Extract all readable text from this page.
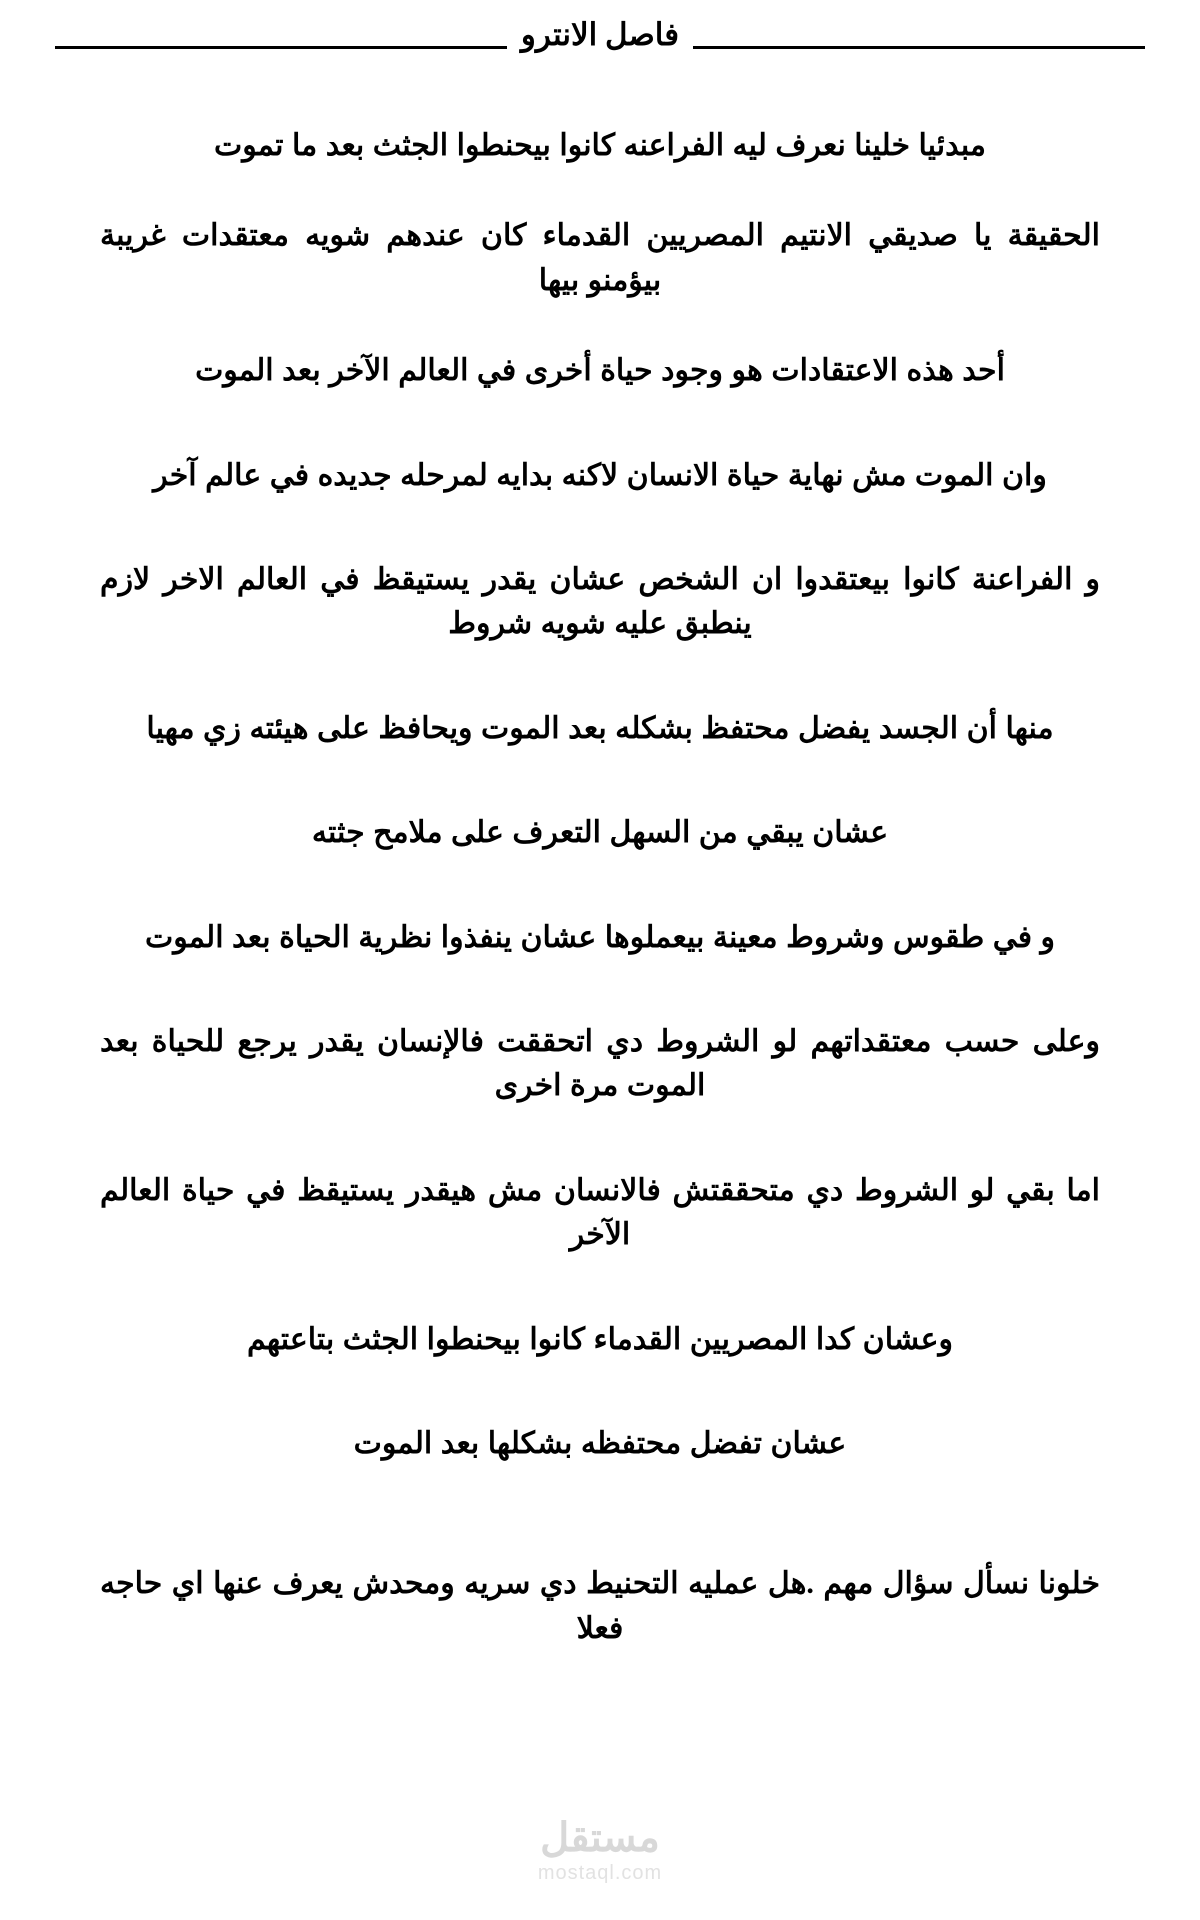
فاصل الانترو

مبدئيا خلينا نعرف ليه الفراعنه كانوا بيحنطوا الجثث بعد ما تموت

الحقيقة يا صديقي الانتيم المصريين القدماء كان عندهم شويه معتقدات غريبة بيؤمنو بيها

أحد هذه الاعتقادات هو وجود حياة أخرى في العالم الآخر بعد الموت

وان الموت مش نهاية حياة الانسان لاكنه بدايه لمرحله جديده في عالم آخر

و الفراعنة كانوا بيعتقدوا ان الشخص عشان يقدر يستيقظ في العالم الاخر لازم ينطبق عليه شويه شروط

منها أن الجسد يفضل محتفظ بشكله بعد الموت ويحافظ على هيئته زي مهيا

عشان يبقي من السهل التعرف على ملامح جثته

و في طقوس وشروط معينة بيعملوها عشان ينفذوا نظرية الحياة بعد الموت

وعلى حسب معتقداتهم لو الشروط دي اتحققت فالإنسان يقدر يرجع للحياة بعد الموت مرة اخرى

اما بقي لو الشروط دي متحققتش فالانسان مش هيقدر يستيقظ في حياة العالم الآخر

وعشان كدا المصريين القدماء كانوا بيحنطوا الجثث بتاعتهم

عشان تفضل محتفظه بشكلها بعد الموت

خلونا نسأل سؤال مهم .هل عمليه التحنيط دي سريه ومحدش يعرف عنها اي حاجه فعلا

مستقل
mostaql.com
